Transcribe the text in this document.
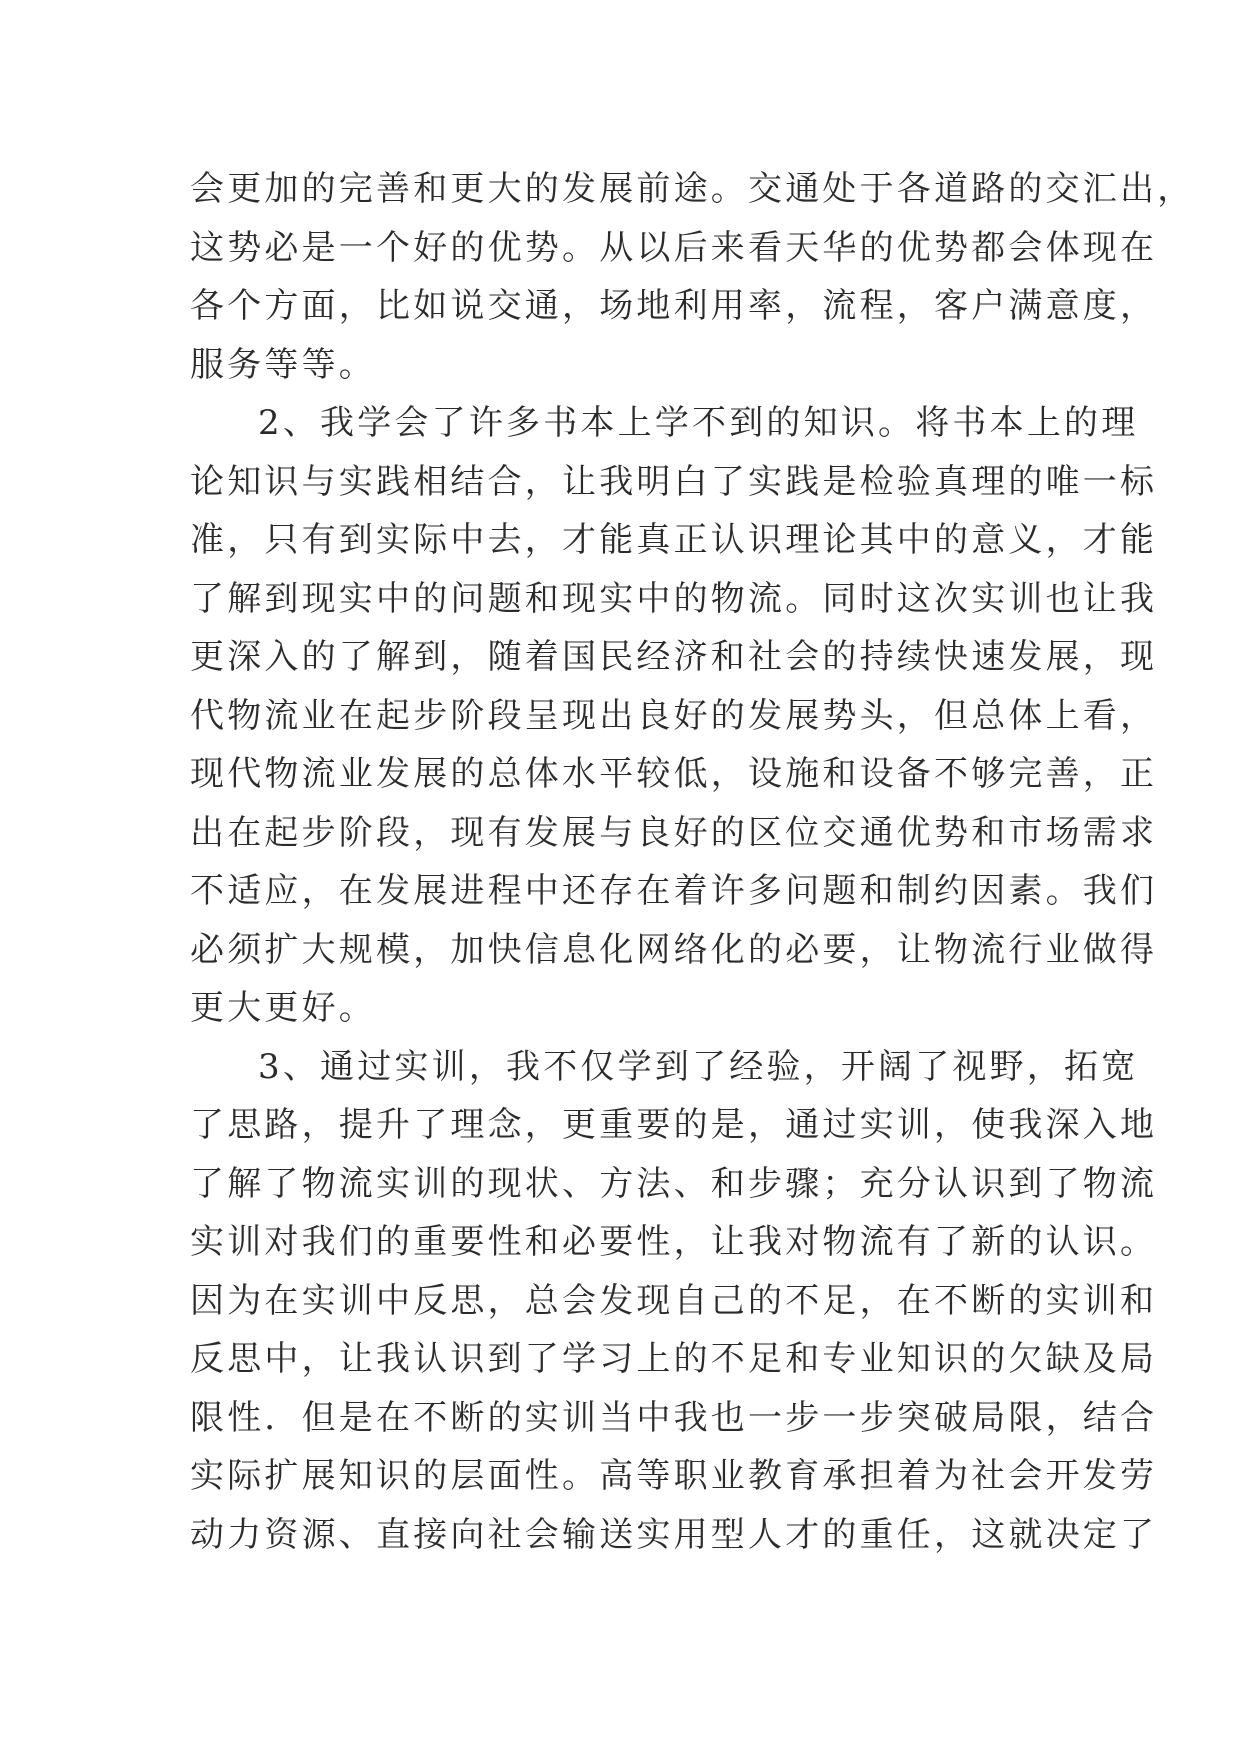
会更加的完善和更大的发展前途。交通处于各道路的交汇出，
这势必是一个好的优势。从以后来看天华的优势都会体现在
各个方面，比如说交通，场地利用率，流程，客户满意度，
服务等等。
2、我学会了许多书本上学不到的知识。将书本上的理
论知识与实践相结合，让我明白了实践是检验真理的唯一标
准，只有到实际中去，才能真正认识理论其中的意义，才能
了解到现实中的问题和现实中的物流。同时这次实训也让我
更深入的了解到，随着国民经济和社会的持续快速发展，现
代物流业在起步阶段呈现出良好的发展势头，但总体上看，
现代物流业发展的总体水平较低，设施和设备不够完善，正
出在起步阶段，现有发展与良好的区位交通优势和市场需求
不适应，在发展进程中还存在着许多问题和制约因素。我们
必须扩大规模，加快信息化网络化的必要，让物流行业做得
更大更好。
3、通过实训，我不仅学到了经验，开阔了视野，拓宽
了思路，提升了理念，更重要的是，通过实训，使我深入地
了解了物流实训的现状、方法、和步骤；充分认识到了物流
实训对我们的重要性和必要性，让我对物流有了新的认识。
因为在实训中反思，总会发现自己的不足，在不断的实训和
反思中，让我认识到了学习上的不足和专业知识的欠缺及局
限性．但是在不断的实训当中我也一步一步突破局限，结合
实际扩展知识的层面性。高等职业教育承担着为社会开发劳
动力资源、直接向社会输送实用型人才的重任，这就决定了
